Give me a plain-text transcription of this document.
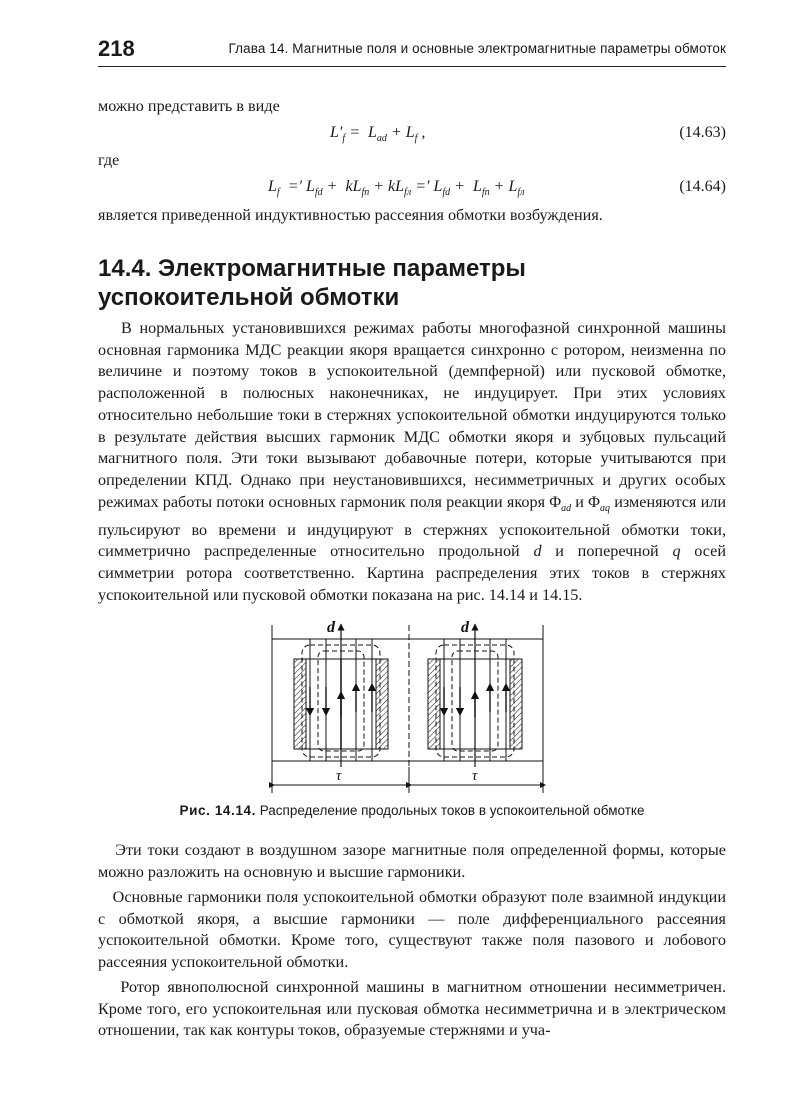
218	Глава 14. Магнитные поля и основные электромагнитные параметры обмоток
можно представить в виде
$L'_f = L_{ad} + L_f$ ,	(14.63)
где
$L_f$  =′ $L_{fd} + kL_{fn} + kL_{fл}$ =′ $L_{fd} + L_{fn} + L_{fл}$	(14.64)
является приведенной индуктивностью рассеяния обмотки возбуждения.
14.4. Электромагнитные параметры
успокоительной обмотки

В нормальных установившихся режимах работы многофазной синхронной машины основная гармоника МДС реакции якоря вращается синхронно с ротором, неизменна по величине и поэтому токов в успокоительной (демпферной) или пусковой обмотке, расположенной в полюсных наконечниках, не индуцирует. При этих условиях относительно небольшие токи в стержнях успокоительной обмотки индуцируются только в результате действия высших гармоник МДС обмотки якоря и зубцовых пульсаций магнитного поля. Эти токи вызывают добавочные потери, которые учитываются при определении КПД. Однако при неустановившихся, несимметричных и других особых режимах работы потоки основных гармоник поля реакции якоря $\Phi_{ad}$ и $\Phi_{aq}$ изменяются или пульсируют во времени и индуцируют в стержнях успокоительной обмотки токи, симметрично распределенные относительно продольной d и поперечной q осей симметрии ротора соответственно. Картина распределения этих токов в стержнях успокоительной или пусковой обмотки показана на рис. 14.14 и 14.15.

d	d
τ	τ
Рис. 14.14. Распределение продольных токов в успокоительной обмотке

Эти токи создают в воздушном зазоре магнитные поля определенной формы, которые можно разложить на основную и высшие гармоники.

Основные гармоники поля успокоительной обмотки образуют поле взаимной индукции с обмоткой якоря, а высшие гармоники — поле дифференциального рассеяния успокоительной обмотки. Кроме того, существуют также поля пазового и лобового рассеяния успокоительной обмотки.

Ротор явнополюсной синхронной машины в магнитном отношении несимметричен. Кроме того, его успокоительная или пусковая обмотка несимметрична и в электрическом отношении, так как контуры токов, образуемые стержнями и уча-
